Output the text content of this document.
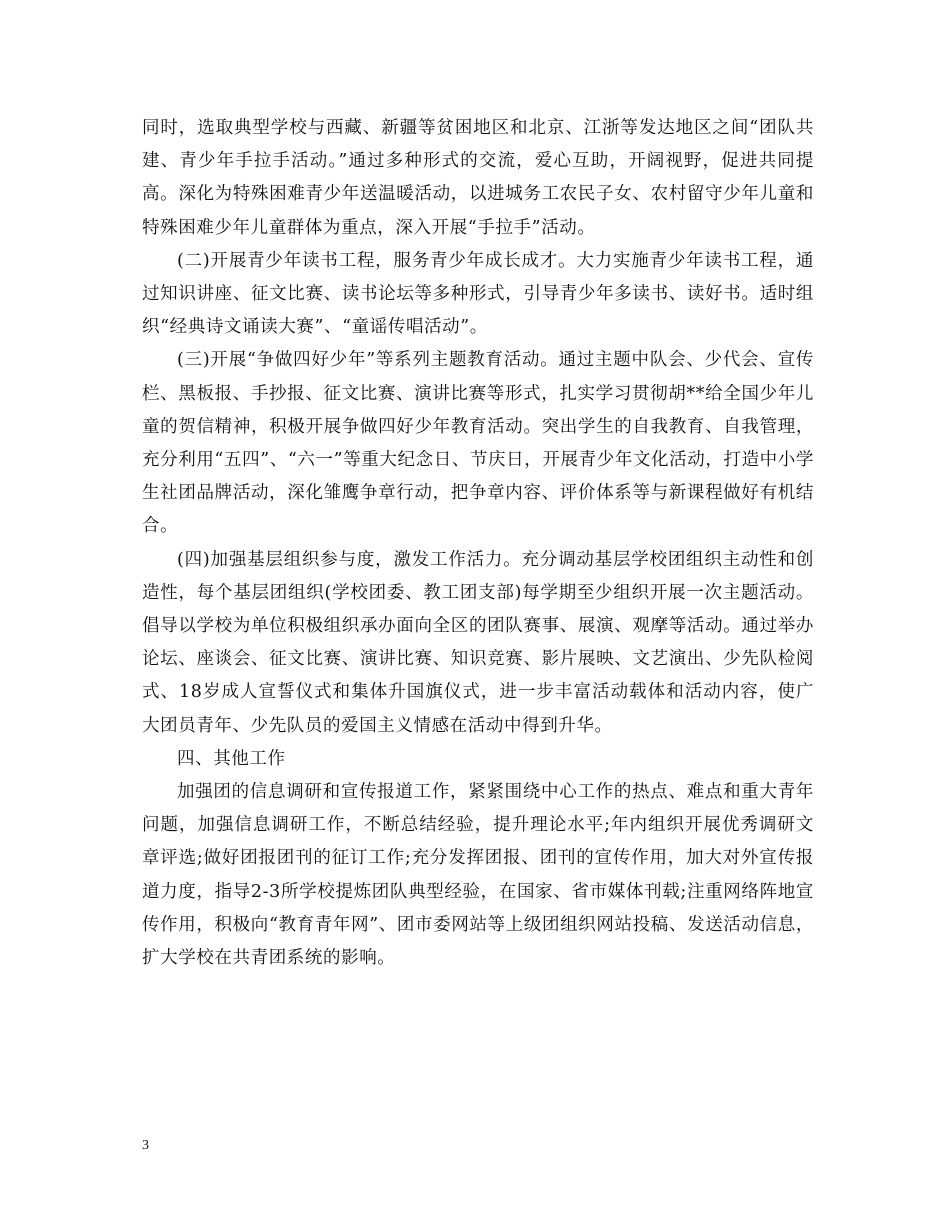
同时，选取典型学校与西藏、新疆等贫困地区和北京、江浙等发达地区之间“团队共建、青少年手拉手活动。”通过多种形式的交流，爱心互助，开阔视野，促进共同提高。深化为特殊困难青少年送温暖活动，以进城务工农民子女、农村留守少年儿童和特殊困难少年儿童群体为重点，深入开展“手拉手”活动。

(二)开展青少年读书工程，服务青少年成长成才。大力实施青少年读书工程，通过知识讲座、征文比赛、读书论坛等多种形式，引导青少年多读书、读好书。适时组织“经典诗文诵读大赛”、“童谣传唱活动”。

(三)开展“争做四好少年”等系列主题教育活动。通过主题中队会、少代会、宣传栏、黑板报、手抄报、征文比赛、演讲比赛等形式，扎实学习贯彻胡**给全国少年儿童的贺信精神，积极开展争做四好少年教育活动。突出学生的自我教育、自我管理，充分利用“五四”、“六一”等重大纪念日、节庆日，开展青少年文化活动，打造中小学生社团品牌活动，深化雏鹰争章行动，把争章内容、评价体系等与新课程做好有机结合。

(四)加强基层组织参与度，激发工作活力。充分调动基层学校团组织主动性和创造性，每个基层团组织(学校团委、教工团支部)每学期至少组织开展一次主题活动。倡导以学校为单位积极组织承办面向全区的团队赛事、展演、观摩等活动。通过举办论坛、座谈会、征文比赛、演讲比赛、知识竞赛、影片展映、文艺演出、少先队检阅式、18岁成人宣誓仪式和集体升国旗仪式，进一步丰富活动载体和活动内容，使广大团员青年、少先队员的爱国主义情感在活动中得到升华。

四、其他工作

加强团的信息调研和宣传报道工作，紧紧围绕中心工作的热点、难点和重大青年问题，加强信息调研工作，不断总结经验，提升理论水平;年内组织开展优秀调研文章评选;做好团报团刊的征订工作;充分发挥团报、团刊的宣传作用，加大对外宣传报道力度，指导2-3所学校提炼团队典型经验，在国家、省市媒体刊载;注重网络阵地宣传作用，积极向“教育青年网”、团市委网站等上级团组织网站投稿、发送活动信息，扩大学校在共青团系统的影响。

3
